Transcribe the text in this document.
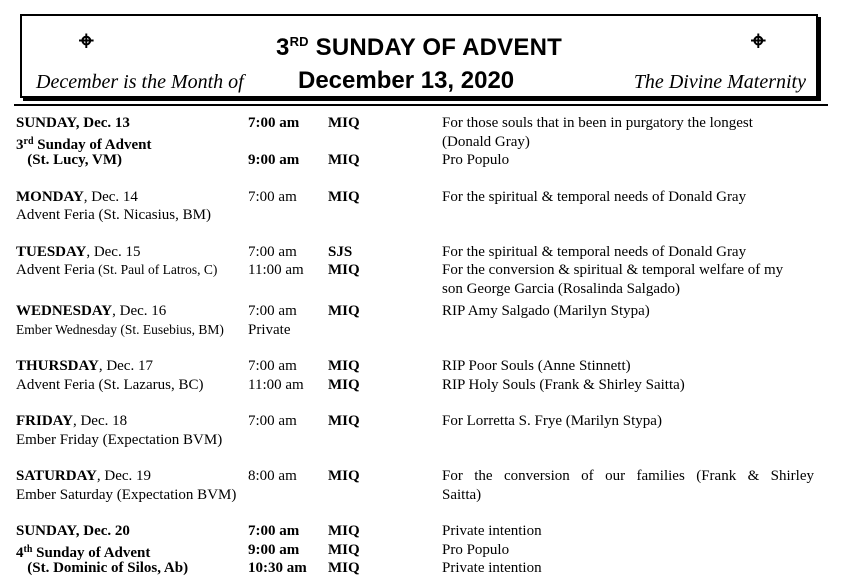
⌖	3RD SUNDAY OF ADVENT	⌖
December is the Month of December 13, 2020	The Divine Maternity
SUNDAY, Dec. 13	7:00 am MIQ	For those souls that in been in purgatory the longest
3rd Sunday of Advent	(Donald Gray)
(St. Lucy, VM)	9:00 am MIQ	Pro Populo
MONDAY, Dec. 14	7:00 am MIQ	For the spiritual & temporal needs of Donald Gray
Advent Feria (St. Nicasius, BM)
TUESDAY, Dec. 15	7:00 am SJS	For the spiritual & temporal needs of Donald Gray
Advent Feria (St. Paul of Latros, C) 11:00 am MIQ	For the conversion & spiritual & temporal welfare of my
son George Garcia (Rosalinda Salgado)
WEDNESDAY, Dec. 16	7:00 am MIQ	RIP Amy Salgado (Marilyn Stypa)
Ember Wednesday (St. Eusebius, BM) Private
THURSDAY, Dec. 17	7:00 am MIQ	RIP Poor Souls (Anne Stinnett)
Advent Feria (St. Lazarus, BC)	11:00 am MIQ	RIP Holy Souls (Frank & Shirley Saitta)
FRIDAY, Dec. 18	7:00 am MIQ	For Lorretta S. Frye (Marilyn Stypa)
Ember Friday (Expectation BVM)
SATURDAY, Dec. 19	8:00 am MIQ	For the conversion of our families (Frank & Shirley
Ember Saturday (Expectation BVM)	Saitta)
SUNDAY, Dec. 20	7:00 am MIQ	Private intention
4th Sunday of Advent	9:00 am MIQ	Pro Populo
(St. Dominic of Silos, Ab)	10:30 am MIQ	Private intention
